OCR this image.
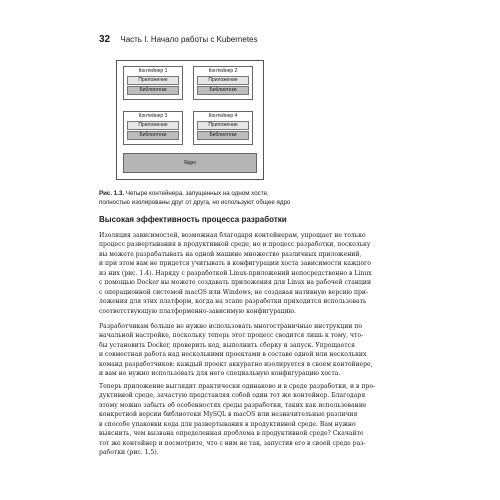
32 Часть I. Начало работы с Kubernetes
Контейнер 1
Приложение
Библиотеки
Контейнер 2
Приложение
Библиотеки
Контейнер 3
Приложение
Библиотеки
Контейнер 4
Приложение
Библиотеки
Ядро
Рис. 1.3. Четыре контейнера, запущенных на одном хосте,
полностью изолированы друг от друга, но используют общее ядро
Высокая эффективность процесса разработки
Изоляция зависимостей, возможная благодаря контейнерам, упрощает не только
процесс развертывания в продуктивной среде, но и процесс разработки, поскольку
вы можете разрабатывать на одной машине множество различных приложений,
и при этом вам не придется учитывать в конфигурации хоста зависимости каждого
из них (рис. 1.4). Наряду с разработкой Linux-приложений непосредственно в Linux
с помощью Docker вы можете создавать приложения для Linux на рабочей станции
с операционной системой macOS или Windows, не создавая нативную версию при-
ложения для этих платформ, когда на этапе разработки приходится использовать
соответствующую платформенно-зависимую конфигурацию.
Разработчикам больше не нужно использовать многостраничные инструкции по
начальной настройке, поскольку теперь этот процесс сводится лишь к тому, что-
бы установить Docker, проверить код, выполнить сборку и запуск. Упрощается
и совместная работа над несколькими проектами в составе одной или нескольких
команд разработчиков: каждый проект аккуратно изолируется в своем контейнере,
и вам не нужно использовать для него специальную конфигурацию хоста.
Теперь приложение выглядит практически одинаково и в среде разработки, и в про-
дуктивной среде, зачастую представляя собой один тот же контейнер. Благодаря
этому можно забыть об особенностях среды разработки, таких как использование
конкретной версии библиотеки MySQL в macOS или незначительные различия
в способе упаковки кода для развертывания в продуктивной среде. Вам нужно
выяснить, чем вызвана определенная проблема в продуктивной среде? Скачайте
тот же контейнер и посмотрите, что с ним не так, запустив его в своей среде раз-
работки (рис. 1.5).
